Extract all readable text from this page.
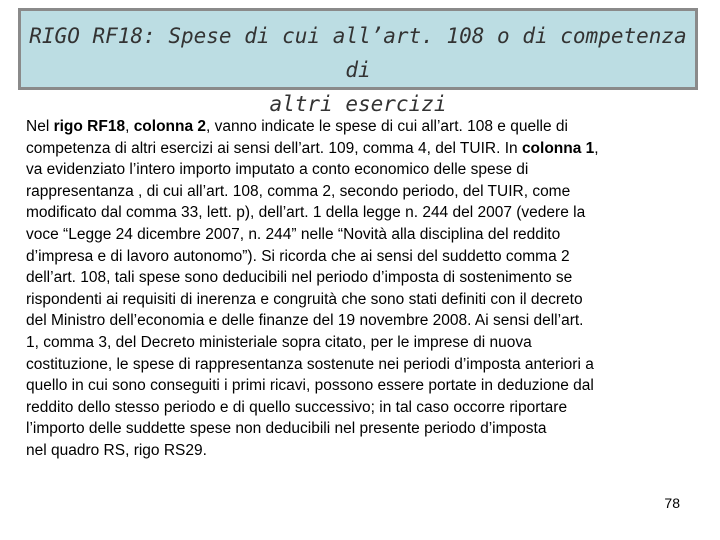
RIGO RF18: Spese di cui all’art. 108 o di competenza di
altri esercizi
Nel rigo RF18, colonna 2, vanno indicate le spese di cui all’art. 108 e quelle di
competenza di altri esercizi ai sensi dell’art. 109, comma 4, del TUIR. In colonna 1,
va evidenziato l’intero importo imputato a conto economico delle spese di
rappresentanza , di cui all’art. 108, comma 2, secondo periodo, del TUIR, come
modificato dal comma 33, lett. p), dell’art. 1 della legge n. 244 del 2007 (vedere la
voce “Legge 24 dicembre 2007, n. 244” nelle “Novità alla disciplina del reddito
d’impresa e di lavoro autonomo”). Si ricorda che ai sensi del suddetto comma 2
dell’art. 108, tali spese sono deducibili nel periodo d’imposta di sostenimento se
rispondenti ai requisiti di inerenza e congruità che sono stati definiti con il decreto
del Ministro dell’economia e delle finanze del 19 novembre 2008. Ai sensi dell’art.
1, comma 3, del Decreto ministeriale sopra citato, per le imprese di nuova
costituzione, le spese di rappresentanza sostenute nei periodi d’imposta anteriori a
quello in cui sono conseguiti i primi ricavi, possono essere portate in deduzione dal
reddito dello stesso periodo e di quello successivo; in tal caso occorre riportare
l’importo delle suddette spese non deducibili nel presente periodo d’imposta
nel quadro RS, rigo RS29.
78
